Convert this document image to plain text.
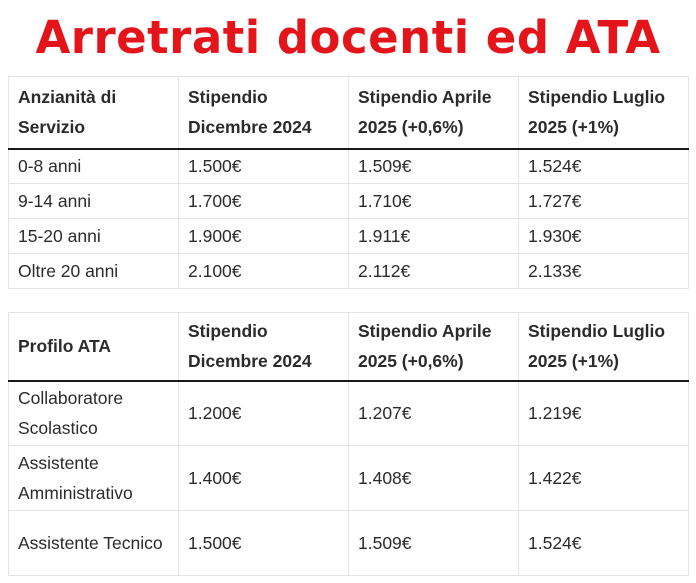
Arretrati docenti ed ATA
Anzianità di Servizio	Stipendio Dicembre 2024	Stipendio Aprile 2025 (+0,6%)	Stipendio Luglio 2025 (+1%)
0-8 anni	1.500€	1.509€	1.524€
9-14 anni	1.700€	1.710€	1.727€
15-20 anni	1.900€	1.911€	1.930€
Oltre 20 anni	2.100€	2.112€	2.133€
Profilo ATA	Stipendio Dicembre 2024	Stipendio Aprile 2025 (+0,6%)	Stipendio Luglio 2025 (+1%)
Collaboratore Scolastico	1.200€	1.207€	1.219€
Assistente Amministrativo	1.400€	1.408€	1.422€
Assistente Tecnico	1.500€	1.509€	1.524€
